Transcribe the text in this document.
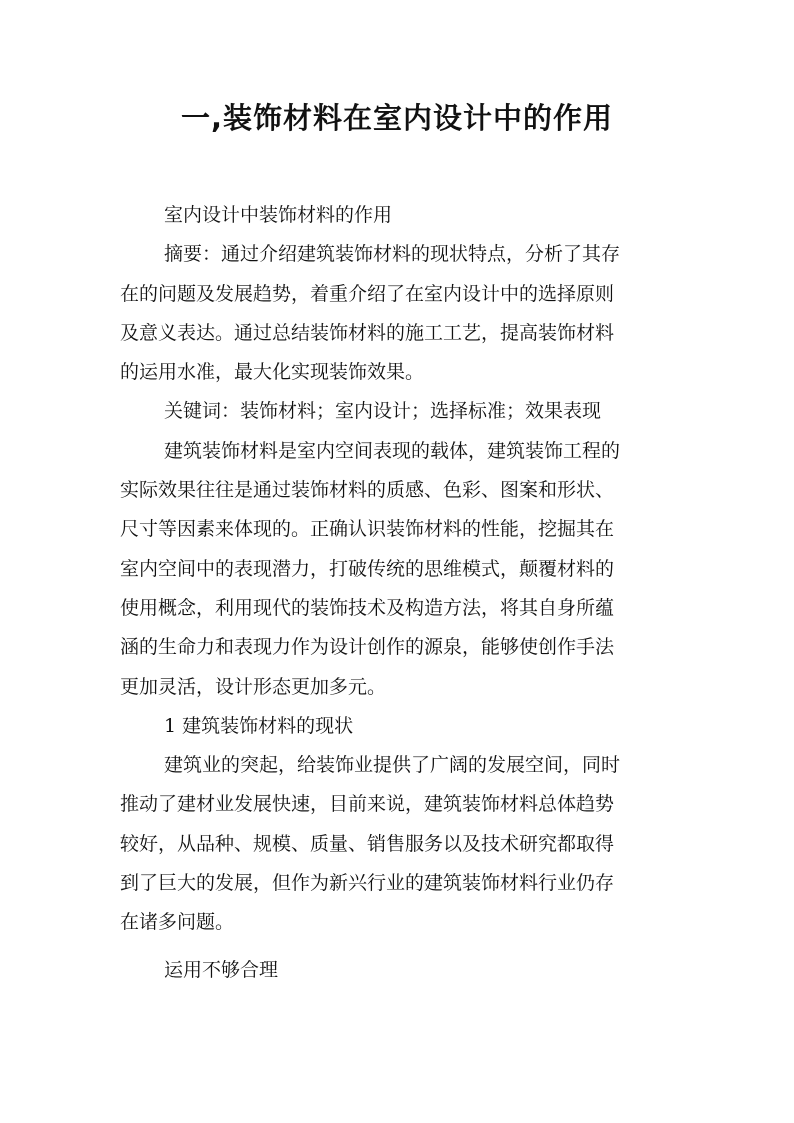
一,装饰材料在室内设计中的作用
室内设计中装饰材料的作用
摘要：通过介绍建筑装饰材料的现状特点，分析了其存
在的问题及发展趋势，着重介绍了在室内设计中的选择原则
及意义表达。通过总结装饰材料的施工工艺，提高装饰材料
的运用水准，最大化实现装饰效果。
关键词：装饰材料；室内设计；选择标准；效果表现
建筑装饰材料是室内空间表现的载体，建筑装饰工程的
实际效果往往是通过装饰材料的质感、色彩、图案和形状、
尺寸等因素来体现的。正确认识装饰材料的性能，挖掘其在
室内空间中的表现潜力，打破传统的思维模式，颠覆材料的
使用概念，利用现代的装饰技术及构造方法，将其自身所蕴
涵的生命力和表现力作为设计创作的源泉，能够使创作手法
更加灵活，设计形态更加多元。
1 建筑装饰材料的现状
建筑业的突起，给装饰业提供了广阔的发展空间，同时
推动了建材业发展快速，目前来说，建筑装饰材料总体趋势
较好，从品种、规模、质量、销售服务以及技术研究都取得
到了巨大的发展，但作为新兴行业的建筑装饰材料行业仍存
在诸多问题。
运用不够合理
